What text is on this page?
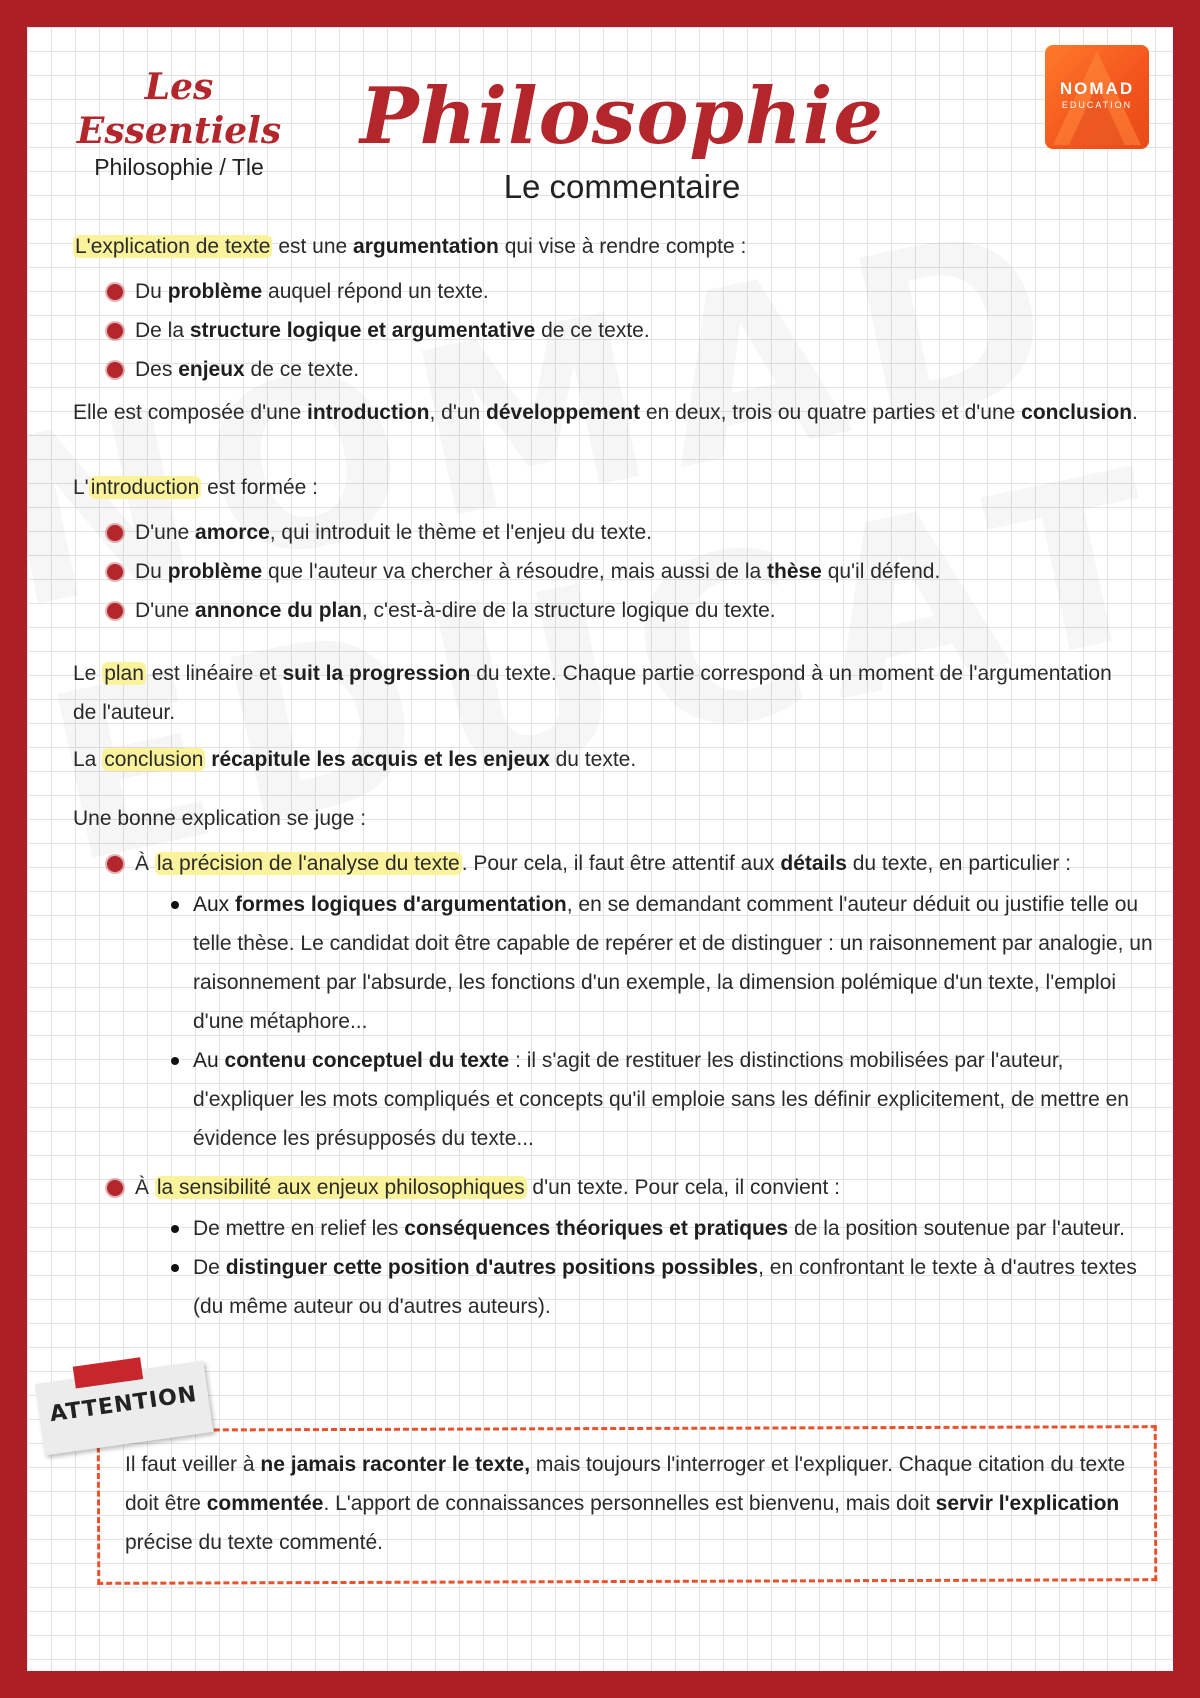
Les Essentiels
Philosophie / Tle
Philosophie
Le commentaire
NOMAD
EDUCATION

L'explication de texte est une argumentation qui vise à rendre compte :

Du problème auquel répond un texte.
De la structure logique et argumentative de ce texte.
Des enjeux de ce texte.

Elle est composée d'une introduction, d'un développement en deux, trois ou quatre parties et d'une conclusion.

L'introduction est formée :

D'une amorce, qui introduit le thème et l'enjeu du texte.
Du problème que l'auteur va chercher à résoudre, mais aussi de la thèse qu'il défend.
D'une annonce du plan, c'est-à-dire de la structure logique du texte.

Le plan est linéaire et suit la progression du texte. Chaque partie correspond à un moment de l'argumentation
de l'auteur.

La conclusion récapitule les acquis et les enjeux du texte.

Une bonne explication se juge :

À la précision de l'analyse du texte. Pour cela, il faut être attentif aux détails du texte, en particulier :
Aux formes logiques d'argumentation, en se demandant comment l'auteur déduit ou justifie telle ou telle thèse. Le candidat doit être capable de repérer et de distinguer : un raisonnement par analogie, un raisonnement par l'absurde, les fonctions d'un exemple, la dimension polémique d'un texte, l'emploi d'une métaphore...
Au contenu conceptuel du texte : il s'agit de restituer les distinctions mobilisées par l'auteur, d'expliquer les mots compliqués et concepts qu'il emploie sans les définir explicitement, de mettre en évidence les présupposés du texte...
À la sensibilité aux enjeux philosophiques d'un texte. Pour cela, il convient :
De mettre en relief les conséquences théoriques et pratiques de la position soutenue par l'auteur.
De distinguer cette position d'autres positions possibles, en confrontant le texte à d'autres textes (du même auteur ou d'autres auteurs).
ATTENTION
Il faut veiller à ne jamais raconter le texte, mais toujours l'interroger et l'expliquer. Chaque citation du texte doit être commentée. L'apport de connaissances personnelles est bienvenu, mais doit servir l'explication précise du texte commenté.
